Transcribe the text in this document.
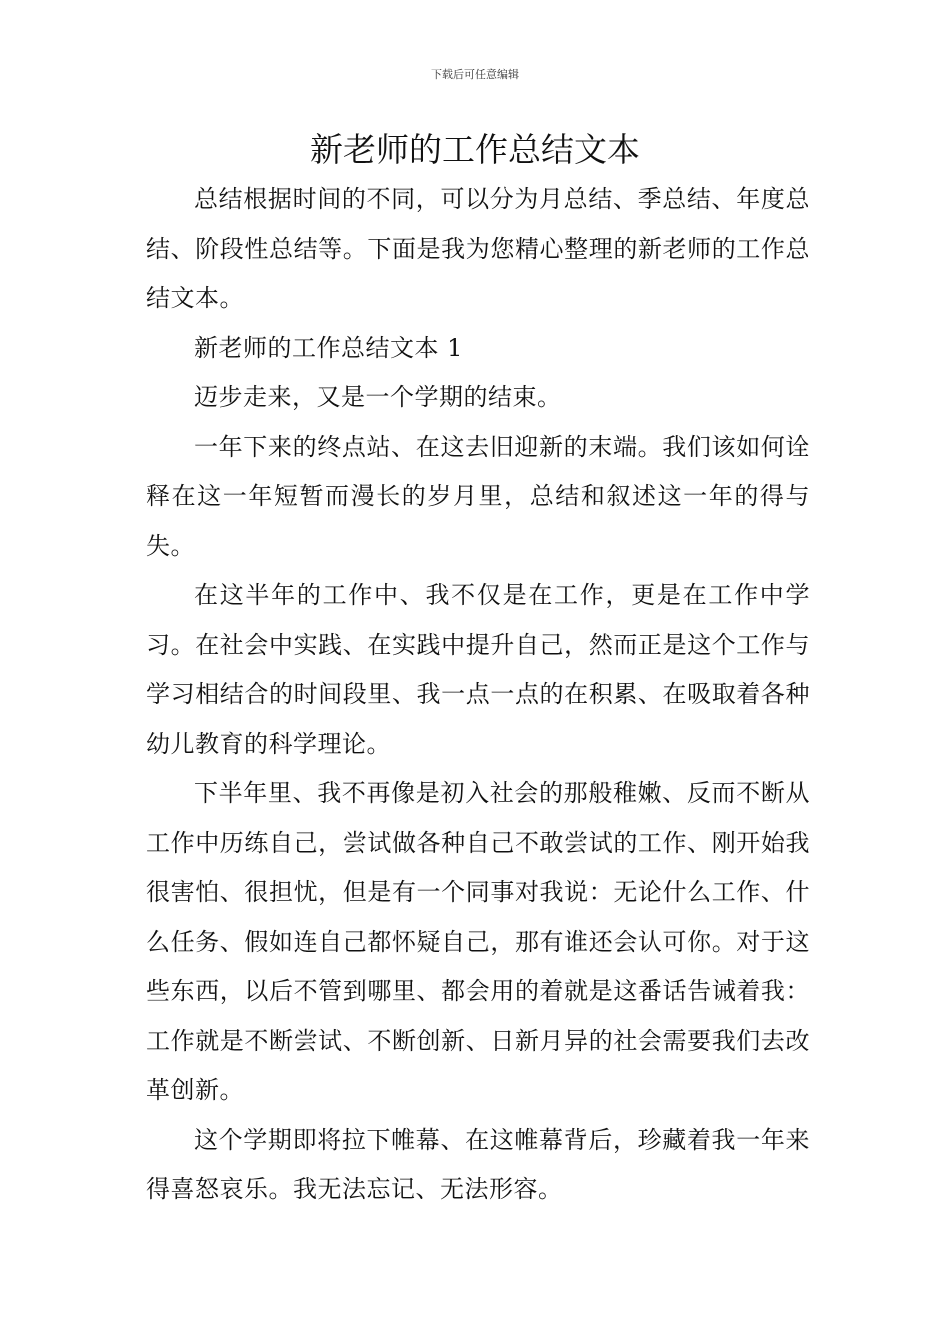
下载后可任意编辑
新老师的工作总结文本

总结根据时间的不同，可以分为月总结、季总结、年度总结、阶段性总结等。下面是我为您精心整理的新老师的工作总结文本。

新老师的工作总结文本 1

迈步走来，又是一个学期的结束。

一年下来的终点站、在这去旧迎新的末端。我们该如何诠释在这一年短暂而漫长的岁月里，总结和叙述这一年的得与失。

在这半年的工作中、我不仅是在工作，更是在工作中学习。在社会中实践、在实践中提升自己，然而正是这个工作与学习相结合的时间段里、我一点一点的在积累、在吸取着各种幼儿教育的科学理论。

下半年里、我不再像是初入社会的那般稚嫩、反而不断从工作中历练自己，尝试做各种自己不敢尝试的工作、刚开始我很害怕、很担忧，但是有一个同事对我说：无论什么工作、什么任务、假如连自己都怀疑自己，那有谁还会认可你。对于这些东西，以后不管到哪里、都会用的着就是这番话告诫着我：工作就是不断尝试、不断创新、日新月异的社会需要我们去改革创新。

这个学期即将拉下帷幕、在这帷幕背后，珍藏着我一年来得喜怒哀乐。我无法忘记、无法形容。
